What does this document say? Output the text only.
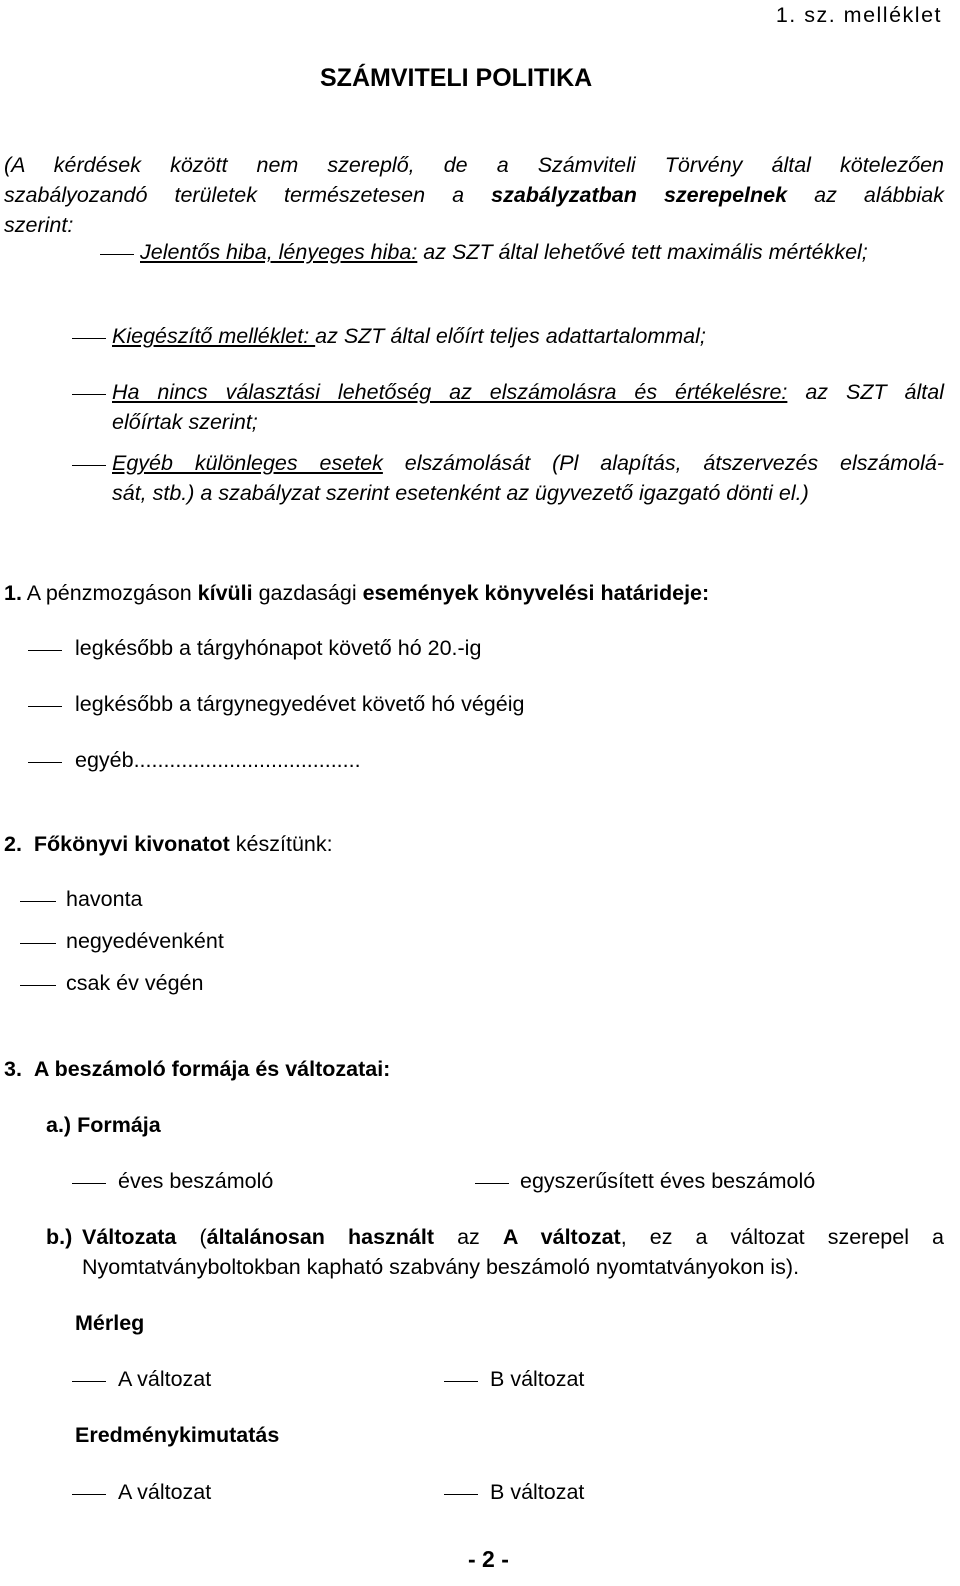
1. sz. melléklet
SZÁMVITELI POLITIKA
(A kérdések között nem szereplő, de a Számviteli Törvény által kötelezően
szabályozandó területek természetesen a szabályzatban szerepelnek az alábbiak
szerint:
Jelentős hiba, lényeges hiba: az SZT által lehetővé tett maximális mértékkel;
Kiegészítő melléklet: az SZT által előírt teljes adattartalommal;
Ha nincs választási lehetőség az elszámolásra és értékelésre: az SZT által
előírtak szerint;
Egyéb különleges esetek elszámolását (Pl alapítás, átszervezés elszámolá-
sát, stb.) a szabályzat szerint esetenként az ügyvezető igazgató dönti el.)
1. A pénzmozgáson kívüli gazdasági események könyvelési határideje:
legkésőbb a tárgyhónapot követő hó 20.-ig
legkésőbb a tárgynegyedévet követő hó végéig
egyéb......................................
2. Főkönyvi kivonatot készítünk:
havonta
negyedévenként
csak év végén
3. A beszámoló formája és változatai:
a.) Formája
éves beszámoló	egyszerűsített éves beszámoló
b.) Változata (általánosan használt az A változat, ez a változat szerepel a
Nyomtatványboltokban kapható szabvány beszámoló nyomtatványokon is).
Mérleg
A változat	B változat
Eredménykimutatás
A változat	B változat
- 2 -
